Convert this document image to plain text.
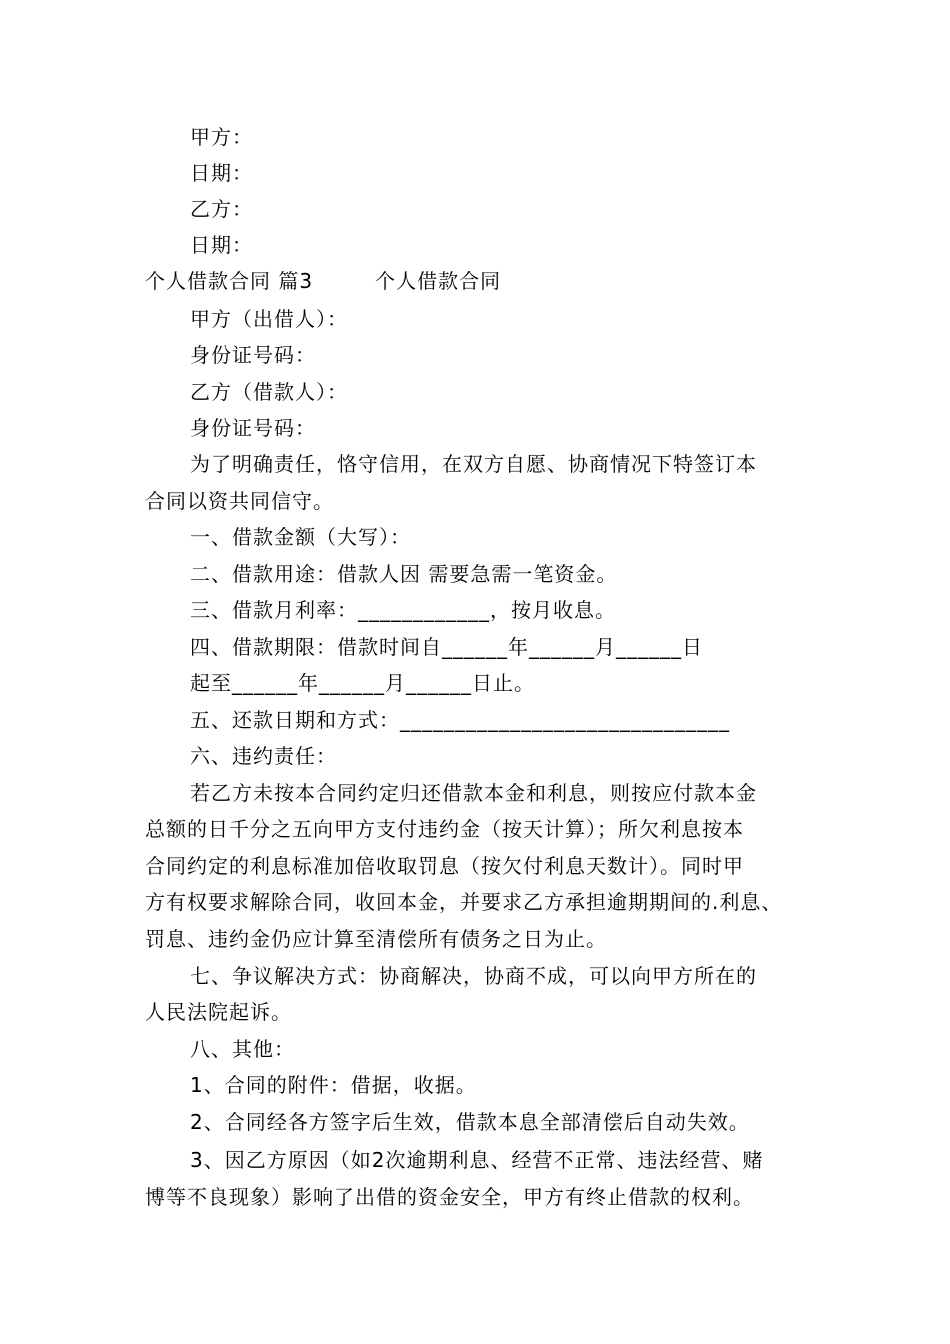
甲方：
日期：
乙方：
日期：
个人借款合同 篇3	个人借款合同
甲方（出借人）：
身份证号码：
乙方（借款人）：
身份证号码：
为了明确责任，恪守信用，在双方自愿、协商情况下特签订本
合同以资共同信守。
一、借款金额（大写）：
二、借款用途：借款人因 需要急需一笔资金。
三、借款月利率：____________，按月收息。
四、借款期限：借款时间自______年______月______日
起至______年______月______日止。
五、还款日期和方式：______________________________
六、违约责任：
若乙方未按本合同约定归还借款本金和利息，则按应付款本金
总额的日千分之五向甲方支付违约金（按天计算）；所欠利息按本
合同约定的利息标准加倍收取罚息（按欠付利息天数计）。同时甲
方有权要求解除合同，收回本金，并要求乙方承担逾期期间的.利息、
罚息、违约金仍应计算至清偿所有债务之日为止。
七、争议解决方式：协商解决，协商不成，可以向甲方所在的
人民法院起诉。
八、其他：
1、合同的附件：借据，收据。
2、合同经各方签字后生效，借款本息全部清偿后自动失效。
3、因乙方原因（如2次逾期利息、经营不正常、违法经营、赌
博等不良现象）影响了出借的资金安全，甲方有终止借款的权利。
